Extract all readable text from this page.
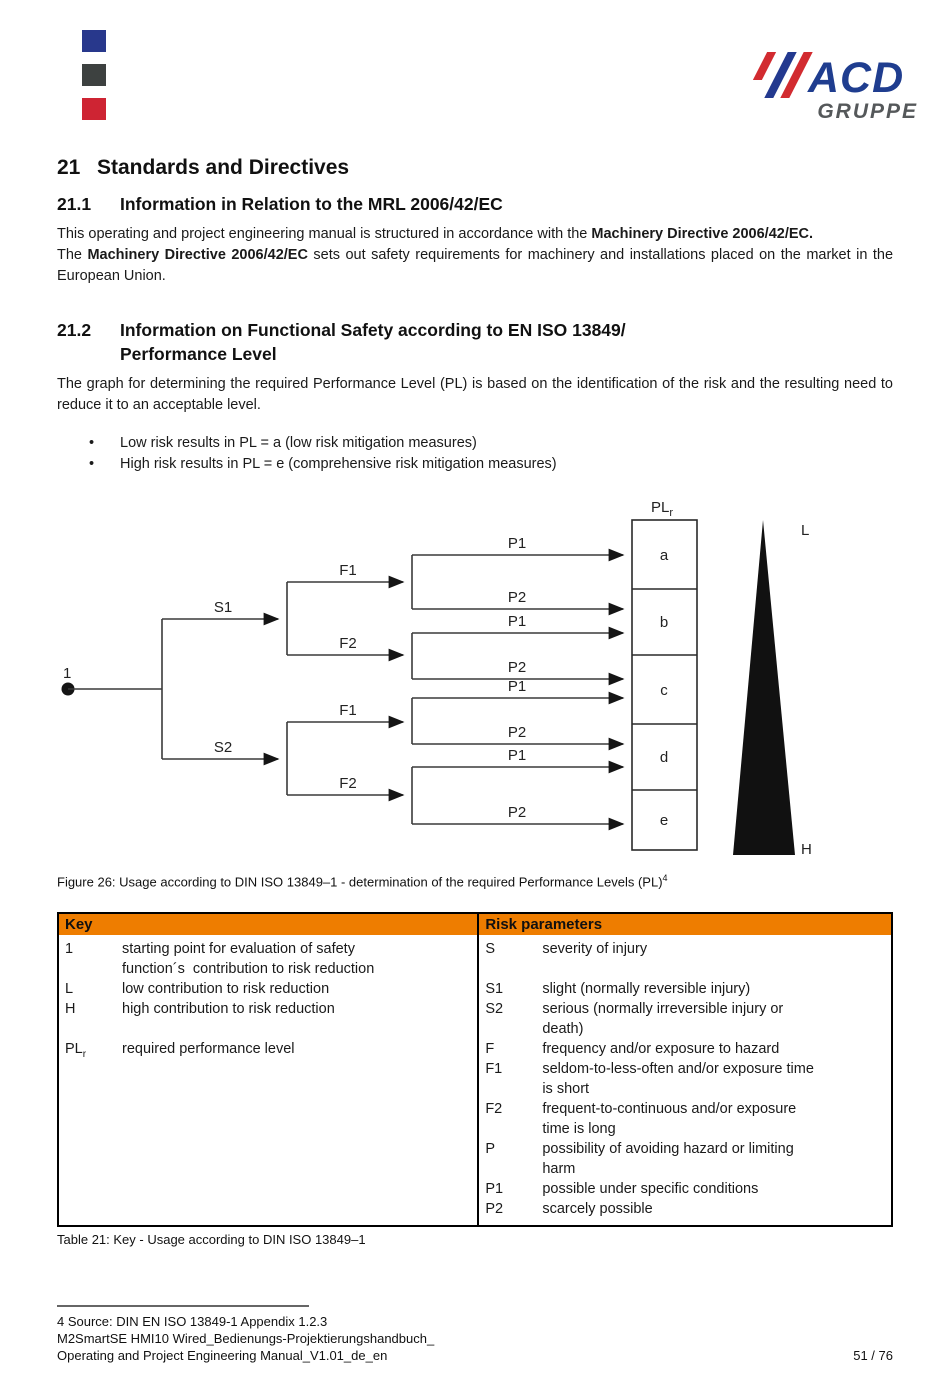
ACD
GRUPPE
21 Standards and Directives
21.1 Information in Relation to the MRL 2006/42/EC

This operating and project engineering manual is structured in accordance with the Machinery Directive 2006/42/EC.

The Machinery Directive 2006/42/EC sets out safety requirements for machinery and installations placed on the market in the European Union.

21.2 Information on Functional Safety according to EN ISO 13849/
Performance Level

The graph for determining the required Performance Level (PL) is based on the identification of the risk and the resulting need to reduce it to an acceptable level.

• Low risk results in PL = a (low risk mitigation measures)
• High risk results in PL = e (comprehensive risk mitigation measures)
1
S1
S2
F1
F2
F1
F2
P1
P2
P1
P2
P1
P2
P1
P2
$PL_r$
a
b
c
d
e
L
H
Figure 26: Usage according to DIN ISO 13849–1 - determination of the required Performance Levels (PL)$^4$
Key
1	starting point for evaluation of safety
function´s  contribution to risk reduction
L	low contribution to risk reduction
H	high contribution to risk reduction
$PL_r$	required performance level
Risk parameters
S	severity of injury
S1	slight (normally reversible injury)
S2	serious (normally irreversible injury or
death)
F	frequency and/or exposure to hazard
F1	seldom-to-less-often and/or exposure time
is short
F2	frequent-to-continuous and/or exposure
time is long
P	possibility of avoiding hazard or limiting
harm
P1	possible under specific conditions
P2	scarcely possible
Table 21: Key - Usage according to DIN ISO 13849–1
4 Source: DIN EN ISO 13849-1 Appendix 1.2.3
M2SmartSE HMI10 Wired_Bedienungs-Projektierungshandbuch_
Operating and Project Engineering Manual_V1.01_de_en	51 / 76
